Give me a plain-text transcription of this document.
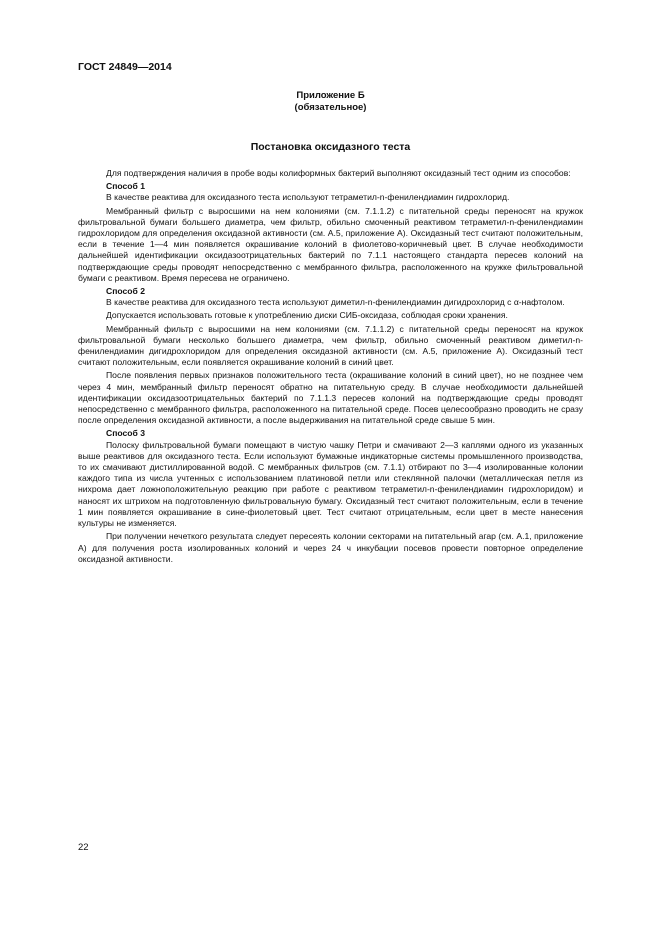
ГОСТ 24849—2014
Приложение Б
(обязательное)
Постановка оксидазного теста

Для подтверждения наличия в пробе воды колиформных бактерий выполняют оксидазный тест одним из способов:

Способ 1

В качестве реактива для оксидазного теста используют тетраметил-n-фенилендиамин гидрохлорид.

Мембранный фильтр с выросшими на нем колониями (см. 7.1.1.2) с питательной среды переносят на кружок фильтровальной бумаги большего диаметра, чем фильтр, обильно смоченный реактивом тетраметил-n-фенилендиамин гидрохлоридом для определения оксидазной активности (см. А.5, приложение А). Оксидазный тест считают положительным, если в течение 1—4 мин появляется окрашивание колоний в фиолетово-коричневый цвет. В случае необходимости дальнейшей идентификации оксидазоотрицательных бактерий по 7.1.1 настоящего стандарта пересев колоний на подтверждающие среды проводят непосредственно с мембранного фильтра, расположенного на кружке фильтровальной бумаги с реактивом. Время пересева не ограничено.

Способ 2

В качестве реактива для оксидазного теста используют диметил-n-фенилендиамин дигидрохлорид с α-нафтолом.

Допускается использовать готовые к употреблению диски СИБ-оксидаза, соблюдая сроки хранения.

Мембранный фильтр с выросшими на нем колониями (см. 7.1.1.2) с питательной среды переносят на кружок фильтровальной бумаги несколько большего диаметра, чем фильтр, обильно смоченный реактивом диметил-n-фенилендиамин дигидрохлоридом для определения оксидазной активности (см. А.5, приложение А). Оксидазный тест считают положительным, если появляется окрашивание колоний в синий цвет.

После появления первых признаков положительного теста (окрашивание колоний в синий цвет), но не позднее чем через 4 мин, мембранный фильтр переносят обратно на питательную среду. В случае необходимости дальнейшей идентификации оксидазоотрицательных бактерий по 7.1.1.3 пересев колоний на подтверждающие среды проводят непосредственно с мембранного фильтра, расположенного на питательной среде. Посев целесообразно проводить не сразу после определения оксидазной активности, а после выдерживания на питательной среде свыше 5 мин.

Способ 3

Полоску фильтровальной бумаги помещают в чистую чашку Петри и смачивают 2—3 каплями одного из указанных выше реактивов для оксидазного теста. Если используют бумажные индикаторные системы промышленного производства, то их смачивают дистиллированной водой. С мембранных фильтров (см. 7.1.1) отбирают по 3—4 изолированные колонии каждого типа из числа учтенных с использованием платиновой петли или стеклянной палочки (металлическая петля из нихрома дает ложноположительную реакцию при работе с реактивом тетраметил-n-фенилендиамин гидрохлоридом) и наносят их штрихом на подготовленную фильтровальную бумагу. Оксидазный тест считают положительным, если в течение 1 мин появляется окрашивание в сине-фиолетовый цвет. Тест считают отрицательным, если цвет в месте нанесения культуры не изменяется.

При получении нечеткого результата следует пересеять колонии секторами на питательный агар (см. А.1, приложение А) для получения роста изолированных колоний и через 24 ч инкубации посевов провести повторное определение оксидазной активности.

22
